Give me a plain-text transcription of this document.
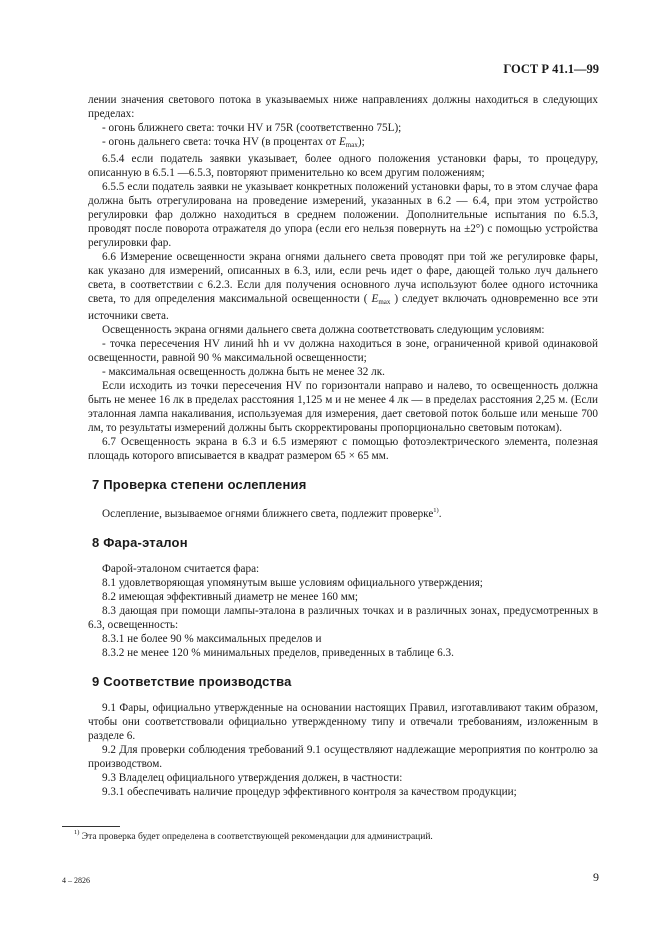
ГОСТ Р 41.1—99

лении значения светового потока в указываемых ниже направлениях должны находиться в следующих пределах:

- огонь ближнего света: точки HV и 75R (соответственно 75L);

- огонь дальнего света: точка HV (в процентах от $E_{max}$);

6.5.4 если податель заявки указывает, более одного положения установки фары, то процедуру, описанную в 6.5.1 —6.5.3, повторяют применительно ко всем другим положениям;

6.5.5 если податель заявки не указывает конкретных положений установки фары, то в этом случае фара должна быть отрегулирована на проведение измерений, указанных в 6.2 — 6.4, при этом устройство регулировки фар должно находиться в среднем положении. Дополнительные испытания по 6.5.3, проводят после поворота отражателя до упора (если его нельзя повернуть на ±2°) с помощью устройства регулировки фар.

6.6 Измерение освещенности экрана огнями дальнего света проводят при той же регулировке фары, как указано для измерений, описанных в 6.3, или, если речь идет о фаре, дающей только луч дальнего света, в соответствии с 6.2.3. Если для получения основного луча используют более одного источника света, то для определения максимальной освещенности ( $E_{max}$ ) следует включать одновременно все эти источники света.

Освещенность экрана огнями дальнего света должна соответствовать следующим условиям:

- точка пересечения HV линий hh и vv должна находиться в зоне, ограниченной кривой одинаковой освещенности, равной 90 % максимальной освещенности;

- максимальная освещенность должна быть не менее 32 лк.

Если исходить из точки пересечения HV по горизонтали направо и налево, то освещенность должна быть не менее 16 лк в пределах расстояния 1,125 м и не менее 4 лк — в пределах расстояния 2,25 м. (Если эталонная лампа накаливания, используемая для измерения, дает световой поток больше или меньше 700 лм, то результаты измерений должны быть скорректированы пропорционально световым потокам).

6.7 Освещенность экрана в 6.3 и 6.5 измеряют с помощью фотоэлектрического элемента, полезная площадь которого вписывается в квадрат размером 65 × 65 мм.

7 Проверка степени ослепления

Ослепление, вызываемое огнями ближнего света, подлежит проверке$^{1)}$.

8 Фара-эталон

Фарой-эталоном считается фара:

8.1 удовлетворяющая упомянутым выше условиям официального утверждения;

8.2 имеющая эффективный диаметр не менее 160 мм;

8.3 дающая при помощи лампы-эталона в различных точках и в различных зонах, предусмотренных в 6.3, освещенность:

8.3.1 не более 90 % максимальных пределов и

8.3.2 не менее 120 % минимальных пределов, приведенных в таблице 6.3.

9 Соответствие производства

9.1 Фары, официально утвержденные на основании настоящих Правил, изготавливают таким образом, чтобы они соответствовали официально утвержденному типу и отвечали требованиям, изложенным в разделе 6.

9.2 Для проверки соблюдения требований 9.1 осуществляют надлежащие мероприятия по контролю за производством.

9.3 Владелец официального утверждения должен, в частности:

9.3.1 обеспечивать наличие процедур эффективного контроля за качеством продукции;

$^{1)}$ Эта проверка будет определена в соответствующей рекомендации для администраций.
4 – 2826	9
